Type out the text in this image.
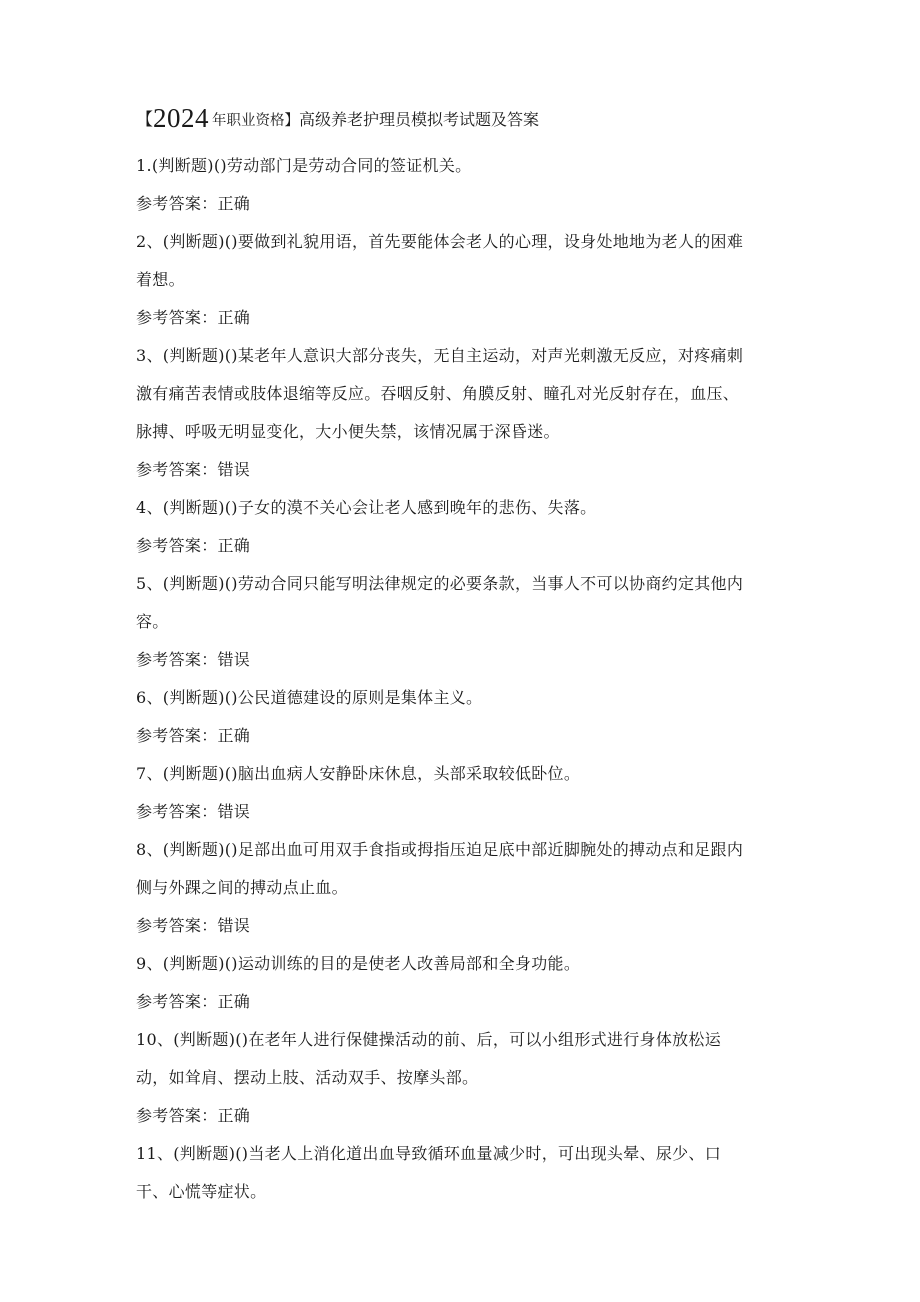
【2024 年职业资格】高级养老护理员模拟考试题及答案
1.(判断题)()劳动部门是劳动合同的签证机关。
参考答案：正确
2、(判断题)()要做到礼貌用语，首先要能体会老人的心理，设身处地地为老人的困难
着想。
参考答案：正确
3、(判断题)()某老年人意识大部分丧失，无自主运动，对声光刺激无反应，对疼痛刺
激有痛苦表情或肢体退缩等反应。吞咽反射、角膜反射、瞳孔对光反射存在，血压、
脉搏、呼吸无明显变化，大小便失禁，该情况属于深昏迷。
参考答案：错误
4、(判断题)()子女的漠不关心会让老人感到晚年的悲伤、失落。
参考答案：正确
5、(判断题)()劳动合同只能写明法律规定的必要条款，当事人不可以协商约定其他内
容。
参考答案：错误
6、(判断题)()公民道德建设的原则是集体主义。
参考答案：正确
7、(判断题)()脑出血病人安静卧床休息，头部采取较低卧位。
参考答案：错误
8、(判断题)()足部出血可用双手食指或拇指压迫足底中部近脚腕处的搏动点和足跟内
侧与外踝之间的搏动点止血。
参考答案：错误
9、(判断题)()运动训练的目的是使老人改善局部和全身功能。
参考答案：正确
10、(判断题)()在老年人进行保健操活动的前、后，可以小组形式进行身体放松运
动，如耸肩、摆动上肢、活动双手、按摩头部。
参考答案：正确
11、(判断题)()当老人上消化道出血导致循环血量减少时，可出现头晕、尿少、口
干、心慌等症状。
